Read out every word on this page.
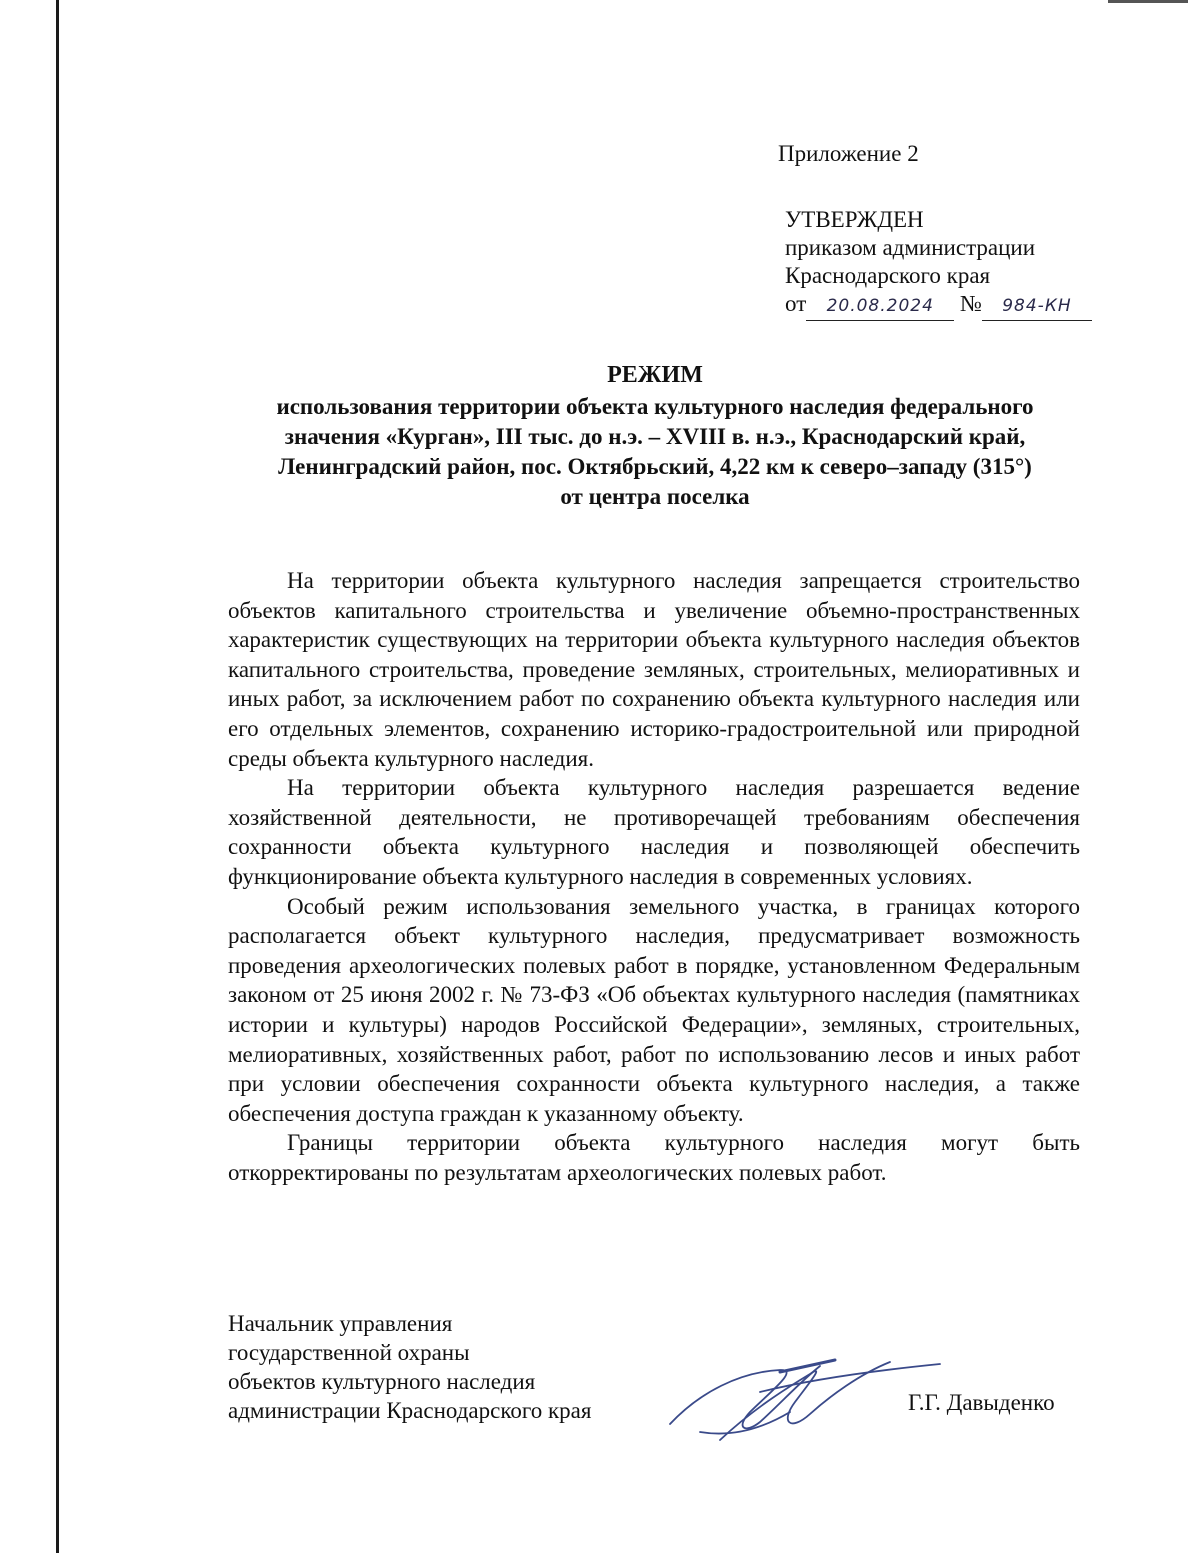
Приложение 2
УТВЕРЖДЕН
приказом администрации
Краснодарского края
от 20.08.2024 № 984-КН
РЕЖИМ
использования территории объекта культурного наследия федерального
значения «Курган», III тыс. до н.э. – XVIII в. н.э., Краснодарский край,
Ленинградский район, пос. Октябрьский, 4,22 км к северо–западу (315°)
от центра поселка

На территории объекта культурного наследия запрещается строительство объектов капитального строительства и увеличение объемно-пространственных характеристик существующих на территории объекта культурного наследия объектов капитального строительства, проведение земляных, строительных, мелиоративных и иных работ, за исключением работ по сохранению объекта культурного наследия или его отдельных элементов, сохранению историко-градостроительной или природной среды объекта культурного наследия.

На территории объекта культурного наследия разрешается ведение хозяйственной деятельности, не противоречащей требованиям обеспечения сохранности объекта культурного наследия и позволяющей обеспечить функционирование объекта культурного наследия в современных условиях.

Особый режим использования земельного участка, в границах которого располагается объект культурного наследия, предусматривает возможность проведения археологических полевых работ в порядке, установленном Федеральным законом от 25 июня 2002 г. № 73-ФЗ «Об объектах культурного наследия (памятниках истории и культуры) народов Российской Федерации», земляных, строительных, мелиоративных, хозяйственных работ, работ по использованию лесов и иных работ при условии обеспечения сохранности объекта культурного наследия, а также обеспечения доступа граждан к указанному объекту.

Границы территории объекта культурного наследия могут быть откорректированы по результатам археологических полевых работ.

Начальник управления
государственной охраны
объектов культурного наследия
администрации Краснодарского края	Г.Г. Давыденко
